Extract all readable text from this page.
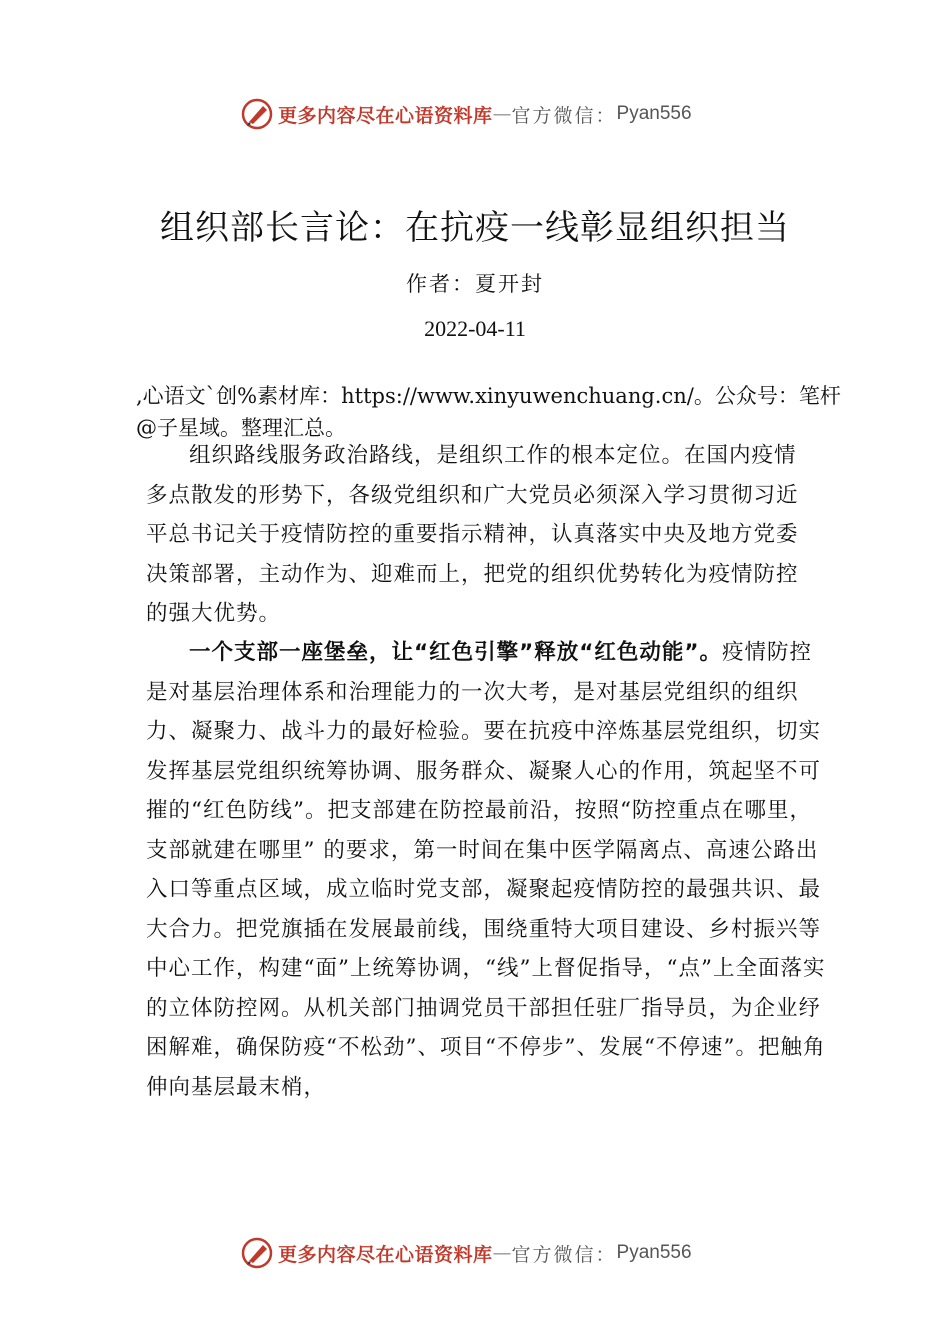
更多内容尽在心语资料库 — 官方微信： Pyan556
组织部长言论：在抗疫一线彰显组织担当
作者：夏开封
2022-04-11
,心语文`创%素材库：https://www.xinyuwenchuang.cn/。公众号：笔杆@子星域。整理汇总。
组织路线服务政治路线，是组织工作的根本定位。在国内疫情多点散发的形势下，各级党组织和广大党员必须深入学习贯彻习近平总书记关于疫情防控的重要指示精神，认真落实中央及地方党委决策部署，主动作为、迎难而上，把党的组织优势转化为疫情防控的强大优势。
一个支部一座堡垒，让“红色引擎”释放“红色动能”。疫情防控是对基层治理体系和治理能力的一次大考，是对基层党组织的组织力、凝聚力、战斗力的最好检验。要在抗疫中淬炼基层党组织，切实发挥基层党组织统筹协调、服务群众、凝聚人心的作用，筑起坚不可摧的“红色防线”。把支部建在防控最前沿，按照“防控重点在哪里，支部就建在哪里” 的要求，第一时间在集中医学隔离点、高速公路出入口等重点区域，成立临时党支部，凝聚起疫情防控的最强共识、最大合力。把党旗插在发展最前线，围绕重特大项目建设、乡村振兴等中心工作，构建“面”上统筹协调，“线”上督促指导，“点”上全面落实的立体防控网。从机关部门抽调党员干部担任驻厂指导员，为企业纾困解难，确保防疫“不松劲”、项目“不停步”、发展“不停速”。把触角伸向基层最末梢，
更多内容尽在心语资料库 — 官方微信： Pyan556
